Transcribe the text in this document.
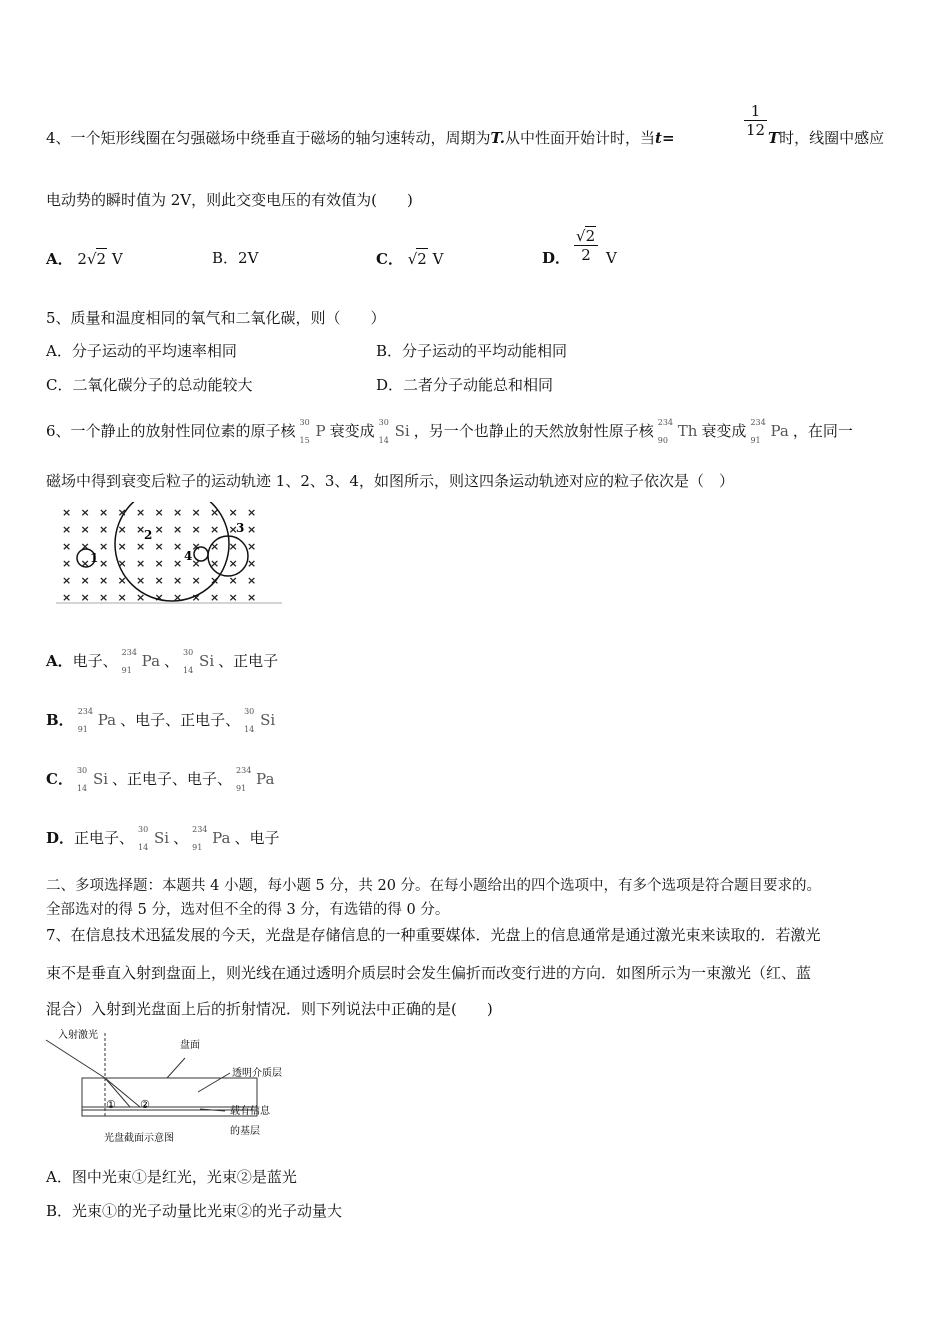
4、一个矩形线圈在匀强磁场中绕垂直于磁场的轴匀速转动，周期为T.从中性面开始计时，当t=	$\frac{1}{12}$ T时，线圈中感应
电动势的瞬时值为 2V，则此交变电压的有效值为(　　)
A． 2√2 V	B．2V	C． √2 V	D． $\frac{√2}{2}$ V
5、质量和温度相同的氧气和二氧化碳，则（　　）
A．分子运动的平均速率相同	B．分子运动的平均动能相同
C．二氧化碳分子的总动能较大	D．二者分子动能总和相同
6、一个静止的放射性同位素的原子核 30
15
P 衰变成 30
14
Si ，另一个也静止的天然放射性原子核 234
90
Th 衰变成 234
91
Pa ，在同一
磁场中得到衰变后粒子的运动轨迹 1、2、3、4，如图所示，则这四条运动轨迹对应的粒子依次是（　）
× × × × × × × × × × ×
× × × × × × × × × × ×
× × × × × × × × × × ×
× × × × × × × × × × ×
× × × × × × × × × × ×
× × × × × × × × × × ×
1
2	3
4
A．电子、 234
91
Pa 、 30
14
Si 、正电子
B． 234
91
Pa 、电子、正电子、 30
14
Si
C． 30
14
Si 、正电子、电子、 234
91
Pa
D．正电子、 30
14
Si 、 234
91
Pa 、电子
二、多项选择题：本题共 4 小题，每小题 5 分，共 20 分。在每小题给出的四个选项中，有多个选项是符合题目要求的。
全部选对的得 5 分，选对但不全的得 3 分，有选错的得 0 分。
7、在信息技术迅猛发展的今天，光盘是存储信息的一种重要媒体．光盘上的信息通常是通过激光束来读取的．若激光
束不是垂直入射到盘面上，则光线在通过透明介质层时会发生偏折而改变行进的方向．如图所示为一束激光（红、蓝
混合）入射到光盘面上后的折射情况．则下列说法中正确的是(　　)
入射激光
盘面
透明介质层
载有信息
的基层
光盘截面示意图
① ②
A．图中光束①是红光，光束②是蓝光
B．光束①的光子动量比光束②的光子动量大
